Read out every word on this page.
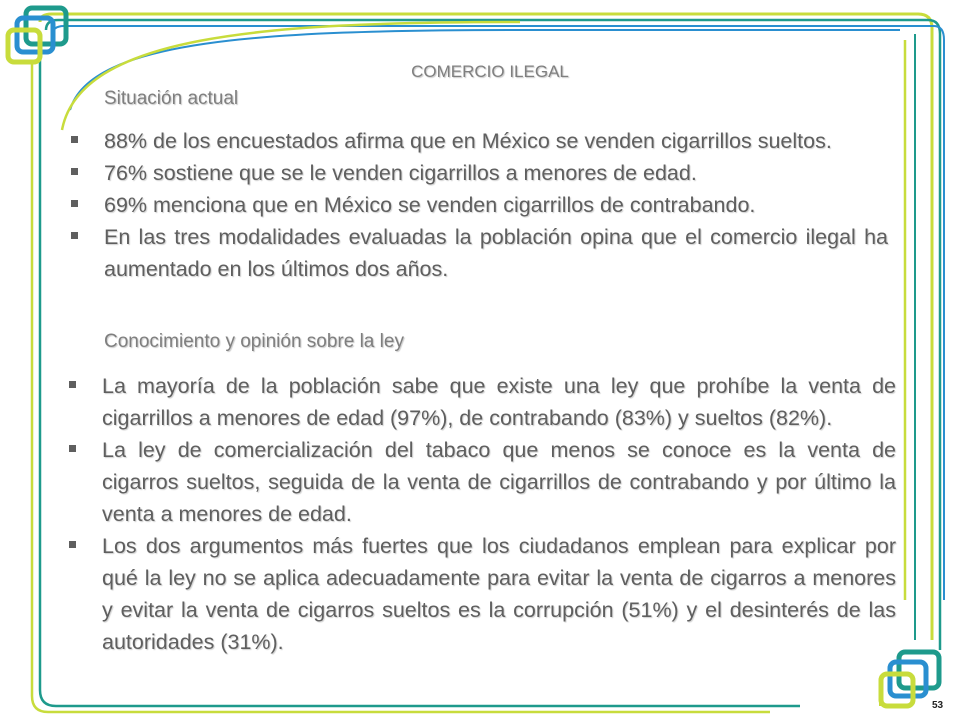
COMERCIO ILEGAL
Situación actual
88% de los encuestados afirma que en México se venden cigarrillos sueltos.
76% sostiene que se le venden cigarrillos a menores de edad.
69% menciona que en México se venden cigarrillos de contrabando.
En las tres modalidades evaluadas la población opina que el comercio ilegal ha aumentado en los últimos dos años.
Conocimiento y opinión sobre la ley
La mayoría de la población sabe que existe una ley que prohíbe la venta de cigarrillos a menores de edad (97%), de contrabando (83%) y sueltos (82%).
La ley de comercialización del tabaco que menos se conoce es la venta de cigarros sueltos, seguida de la venta de cigarrillos de contrabando y por último la venta a menores de edad.
Los dos argumentos más fuertes que los ciudadanos emplean para explicar por qué la ley no se aplica adecuadamente para evitar la venta de cigarros a menores y evitar la venta de cigarros sueltos es la corrupción (51%) y el desinterés de las autoridades (31%).
53
